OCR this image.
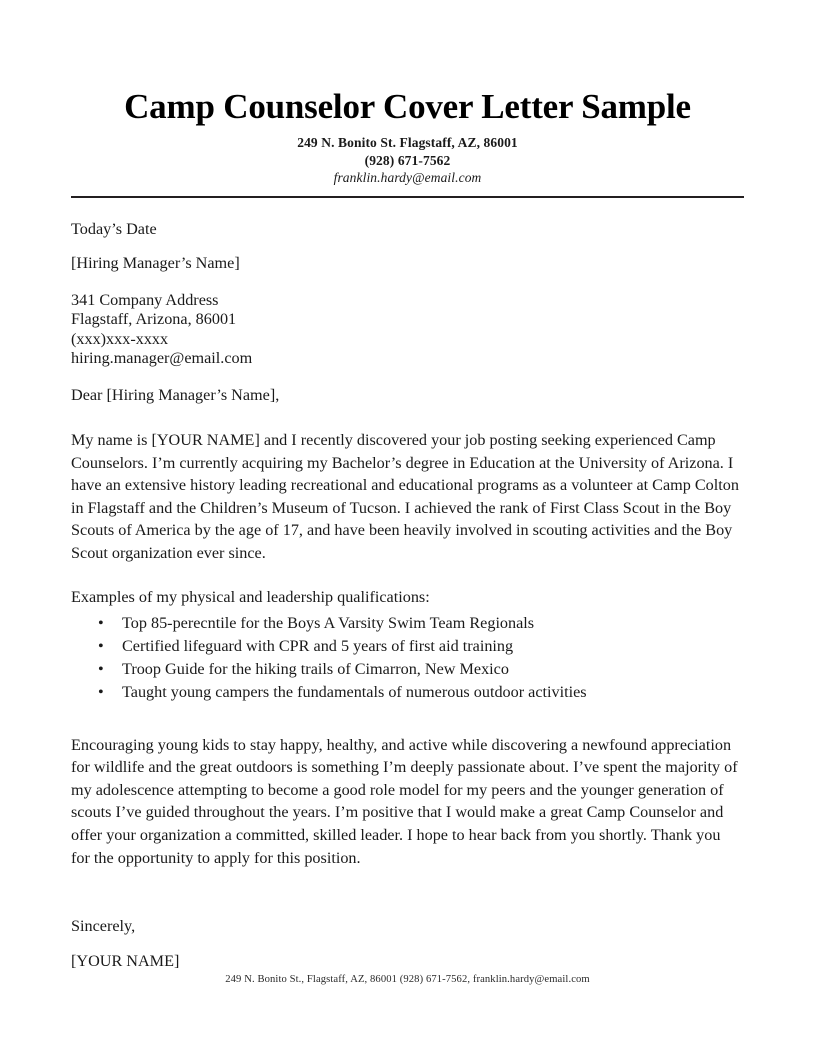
Camp Counselor Cover Letter Sample
249 N. Bonito St. Flagstaff, AZ, 86001
(928) 671-7562
franklin.hardy@email.com

Today’s Date

[Hiring Manager’s Name]

341 Company Address

Flagstaff, Arizona, 86001

(xxx)xxx-xxxx

hiring.manager@email.com

Dear [Hiring Manager’s Name],

My name is [YOUR NAME] and I recently discovered your job posting seeking experienced Camp Counselors. I’m currently acquiring my Bachelor’s degree in Education at the University of Arizona. I have an extensive history leading recreational and educational programs as a volunteer at Camp Colton in Flagstaff and the Children’s Museum of Tucson. I achieved the rank of First Class Scout in the Boy Scouts of America by the age of 17, and have been heavily involved in scouting activities and the Boy Scout organization ever since.

Examples of my physical and leadership qualifications:

• Top 85-perecntile for the Boys A Varsity Swim Team Regionals
• Certified lifeguard with CPR and 5 years of first aid training
• Troop Guide for the hiking trails of Cimarron, New Mexico
• Taught young campers the fundamentals of numerous outdoor activities

Encouraging young kids to stay happy, healthy, and active while discovering a newfound appreciation for wildlife and the great outdoors is something I’m deeply passionate about. I’ve spent the majority of my adolescence attempting to become a good role model for my peers and the younger generation of scouts I’ve guided throughout the years. I’m positive that I would make a great Camp Counselor and offer your organization a committed, skilled leader. I hope to hear back from you shortly. Thank you for the opportunity to apply for this position.

Sincerely,

[YOUR NAME]

249 N. Bonito St., Flagstaff, AZ, 86001 (928) 671-7562, franklin.hardy@email.com
